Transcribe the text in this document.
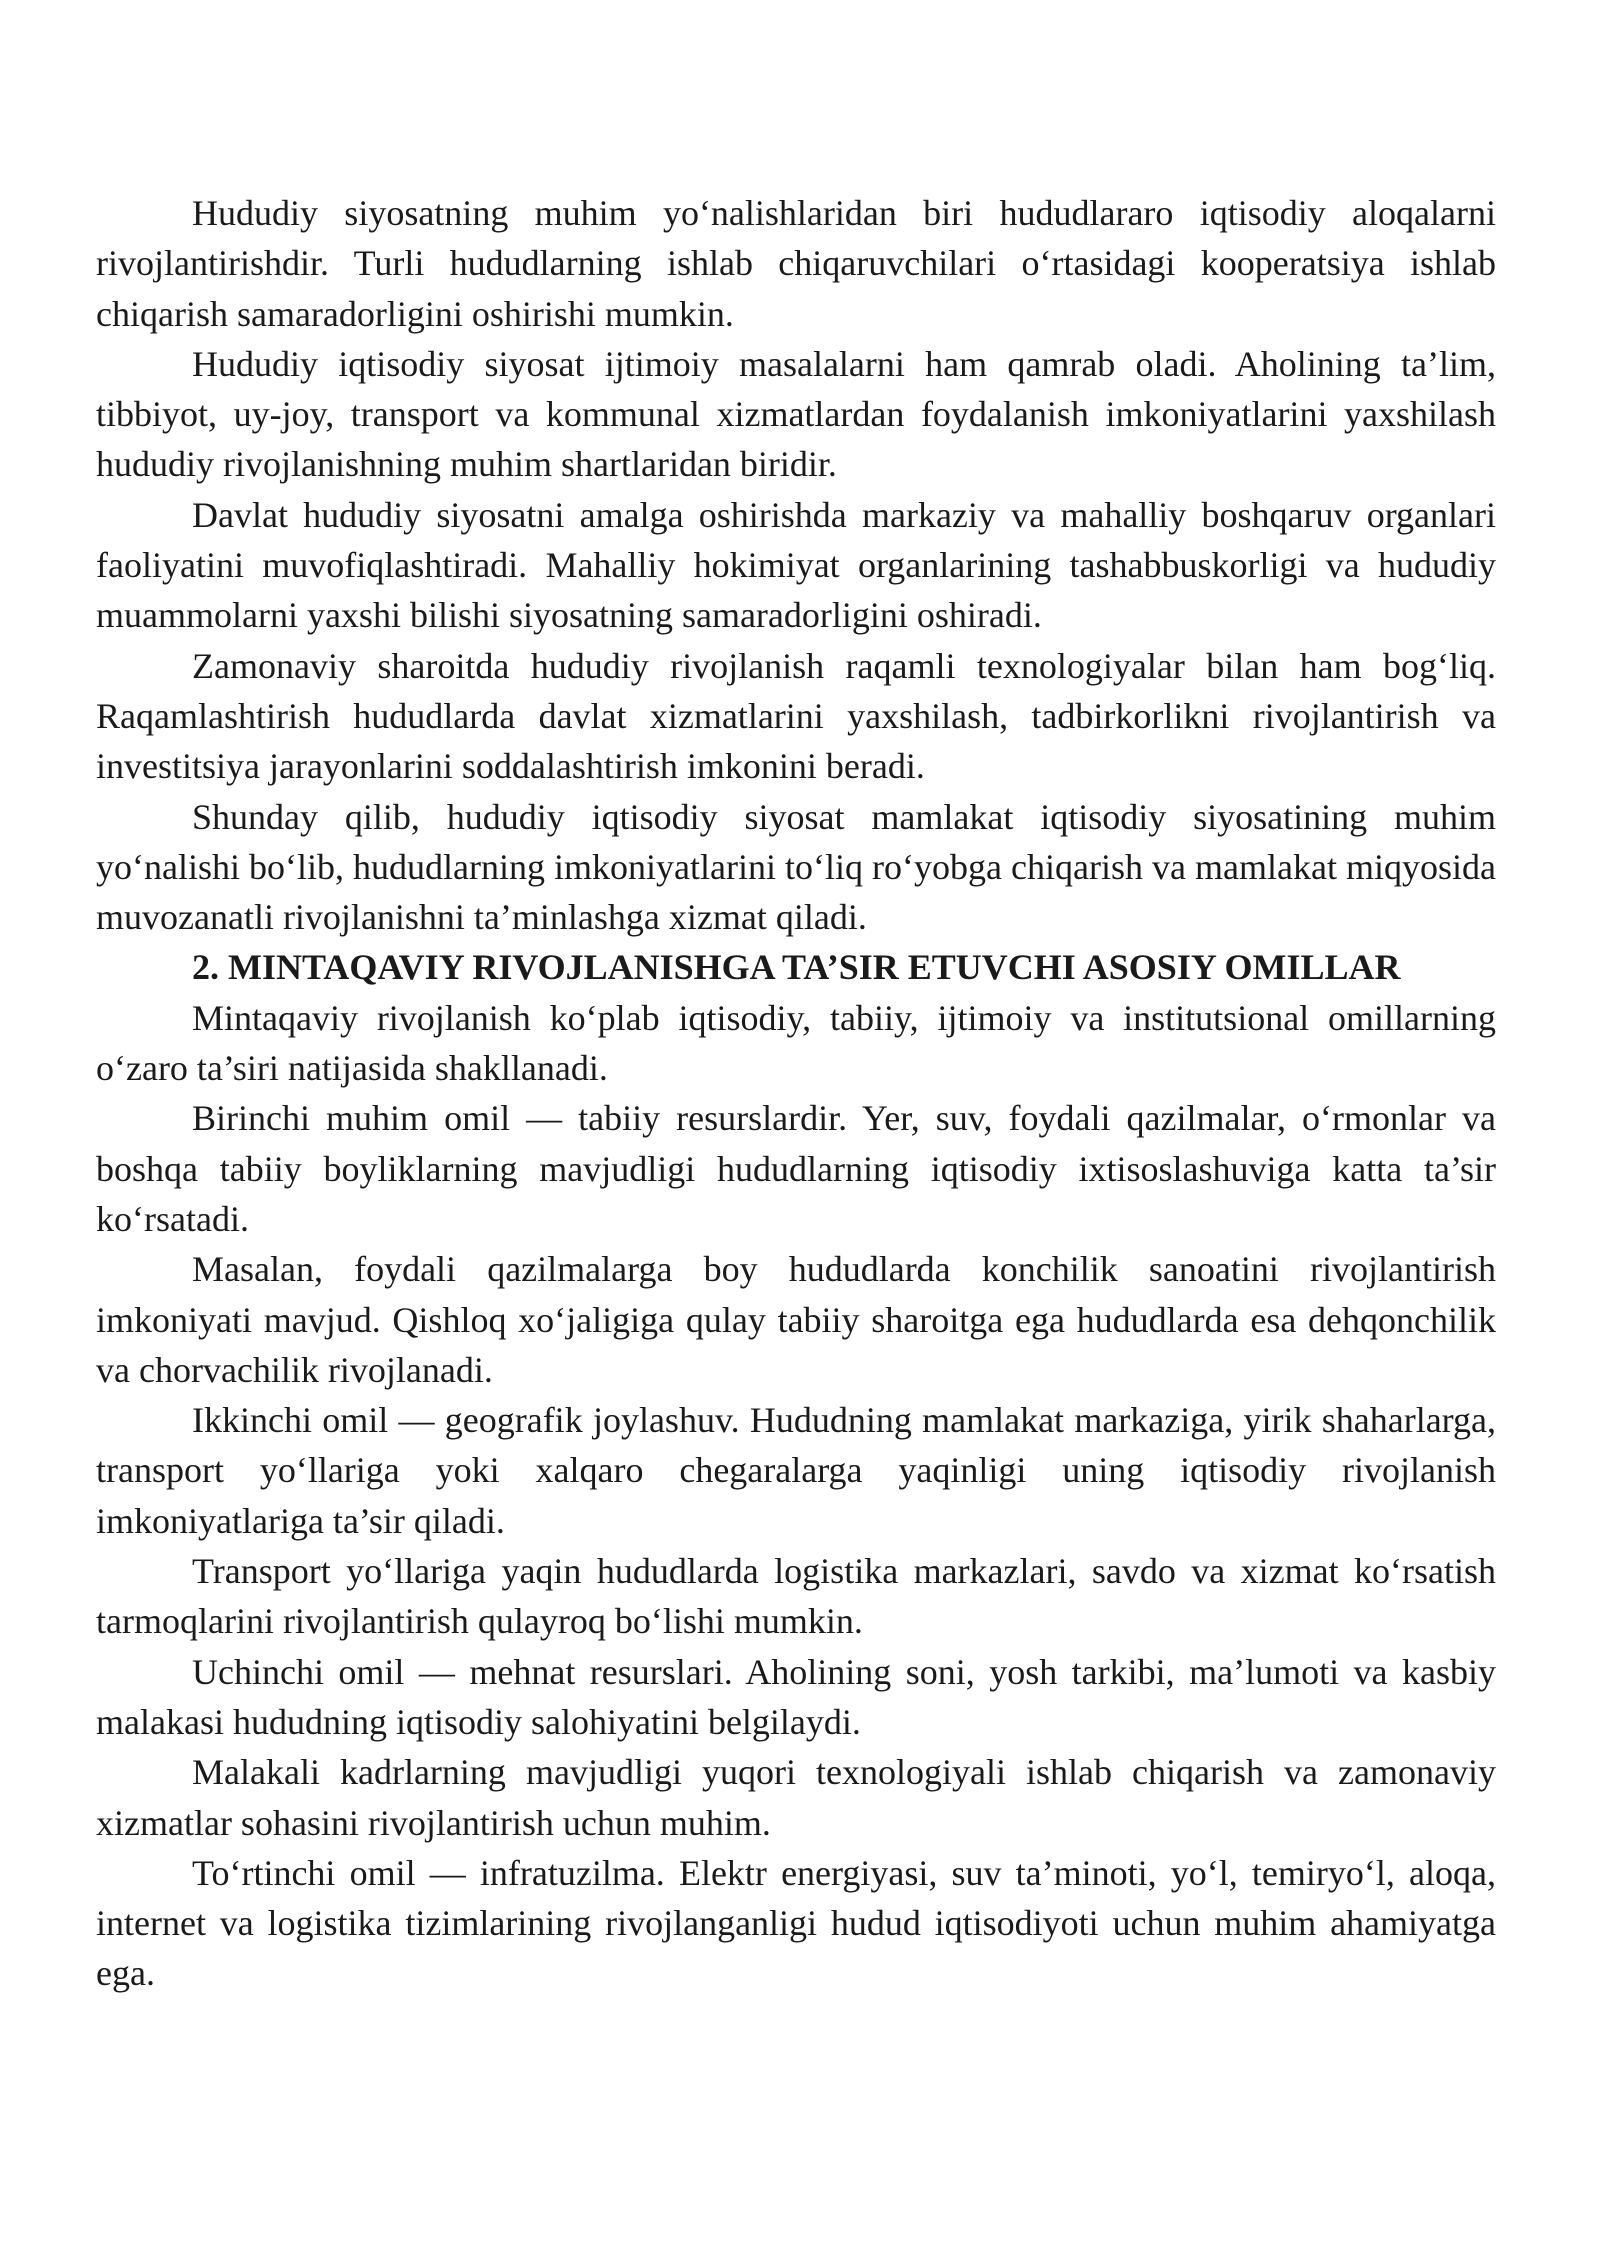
Hududiy siyosatning muhim yo‘nalishlaridan biri hududlararo iqtisodiy aloqalarni rivojlantirishdir. Turli hududlarning ishlab chiqaruvchilari o‘rtasidagi kooperatsiya ishlab chiqarish samaradorligini oshirishi mumkin.

Hududiy iqtisodiy siyosat ijtimoiy masalalarni ham qamrab oladi. Aholining ta’lim, tibbiyot, uy-joy, transport va kommunal xizmatlardan foydalanish imkoniyatlarini yaxshilash hududiy rivojlanishning muhim shartlaridan biridir.

Davlat hududiy siyosatni amalga oshirishda markaziy va mahalliy boshqaruv organlari faoliyatini muvofiqlashtiradi. Mahalliy hokimiyat organlarining tashabbuskorligi va hududiy muammolarni yaxshi bilishi siyosatning samaradorligini oshiradi.

Zamonaviy sharoitda hududiy rivojlanish raqamli texnologiyalar bilan ham bog‘liq. Raqamlashtirish hududlarda davlat xizmatlarini yaxshilash, tadbirkorlikni rivojlantirish va investitsiya jarayonlarini soddalashtirish imkonini beradi.

Shunday qilib, hududiy iqtisodiy siyosat mamlakat iqtisodiy siyosatining muhim yo‘nalishi bo‘lib, hududlarning imkoniyatlarini to‘liq ro‘yobga chiqarish va mamlakat miqyosida muvozanatli rivojlanishni ta’minlashga xizmat qiladi.

2. MINTAQAVIY RIVOJLANISHGA TA’SIR ETUVCHI ASOSIY OMILLAR

Mintaqaviy rivojlanish ko‘plab iqtisodiy, tabiiy, ijtimoiy va institutsional omillarning o‘zaro ta’siri natijasida shakllanadi.

Birinchi muhim omil — tabiiy resurslardir. Yer, suv, foydali qazilmalar, o‘rmonlar va boshqa tabiiy boyliklarning mavjudligi hududlarning iqtisodiy ixtisoslashuviga katta ta’sir ko‘rsatadi.

Masalan, foydali qazilmalarga boy hududlarda konchilik sanoatini rivojlantirish imkoniyati mavjud. Qishloq xo‘jaligiga qulay tabiiy sharoitga ega hududlarda esa dehqonchilik va chorvachilik rivojlanadi.

Ikkinchi omil — geografik joylashuv. Hududning mamlakat markaziga, yirik shaharlarga, transport yo‘llariga yoki xalqaro chegaralarga yaqinligi uning iqtisodiy rivojlanish imkoniyatlariga ta’sir qiladi.

Transport yo‘llariga yaqin hududlarda logistika markazlari, savdo va xizmat ko‘rsatish tarmoqlarini rivojlantirish qulayroq bo‘lishi mumkin.

Uchinchi omil — mehnat resurslari. Aholining soni, yosh tarkibi, ma’lumoti va kasbiy malakasi hududning iqtisodiy salohiyatini belgilaydi.

Malakali kadrlarning mavjudligi yuqori texnologiyali ishlab chiqarish va zamonaviy xizmatlar sohasini rivojlantirish uchun muhim.

To‘rtinchi omil — infratuzilma. Elektr energiyasi, suv ta’minoti, yo‘l, temiryo‘l, aloqa, internet va logistika tizimlarining rivojlanganligi hudud iqtisodiyoti uchun muhim ahamiyatga ega.
